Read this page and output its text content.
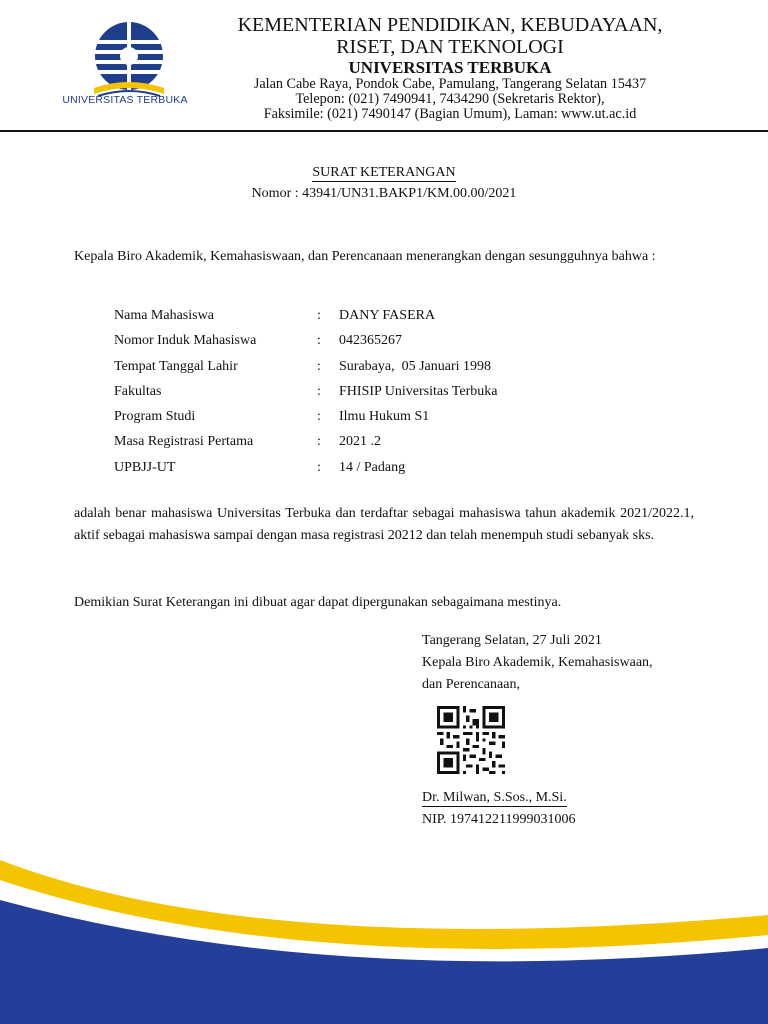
UNIVERSITAS TERBUKA
KEMENTERIAN PENDIDIKAN, KEBUDAYAAN,
RISET, DAN TEKNOLOGI
UNIVERSITAS TERBUKA
Jalan Cabe Raya, Pondok Cabe, Pamulang, Tangerang Selatan 15437
Telepon: (021) 7490941, 7434290 (Sekretaris Rektor),
Faksimile: (021) 7490147 (Bagian Umum), Laman: www.ut.ac.id
SURAT KETERANGAN
Nomor : 43941/UN31.BAKP1/KM.00.00/2021
Kepala Biro Akademik, Kemahasiswaan, dan Perencanaan menerangkan dengan sesungguhnya bahwa :
Nama Mahasiswa	:	DANY FASERA
Nomor Induk Mahasiswa	:	042365267
Tempat Tanggal Lahir	:	Surabaya,  05 Januari 1998
Fakultas	:	FHISIP Universitas Terbuka
Program Studi	:	Ilmu Hukum S1
Masa Registrasi Pertama	:	2021 .2
UPBJJ-UT	:	14 / Padang
adalah benar mahasiswa Universitas Terbuka dan terdaftar sebagai mahasiswa tahun akademik 2021/2022.1, aktif sebagai mahasiswa sampai dengan masa registrasi 20212 dan telah menempuh studi sebanyak sks.
Demikian Surat Keterangan ini dibuat agar dapat dipergunakan sebagaimana mestinya.
Tangerang Selatan, 27 Juli 2021
Kepala Biro Akademik, Kemahasiswaan,
dan Perencanaan,
Dr. Milwan, S.Sos., M.Si.
NIP. 197412211999031006
